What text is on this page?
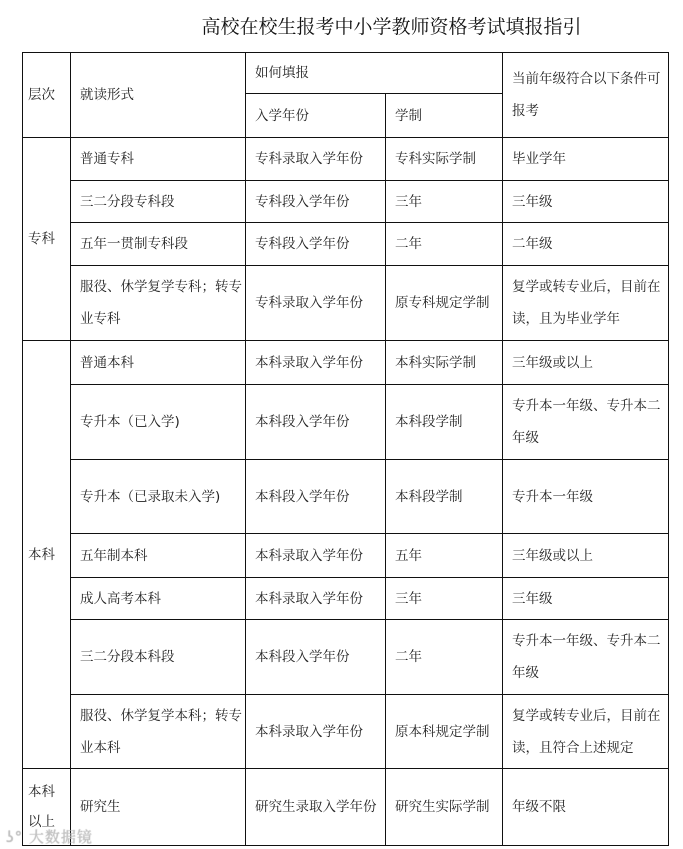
高校在校生报考中小学教师资格考试填报指引
层次	就读形式	如何填报		当前年级符合以下条件可报考
		入学年份	学制	
专科	普通专科	专科录取入学年份	专科实际学制	毕业学年
	三二分段专科段	专科段入学年份	三年	三年级
	五年一贯制专科段	专科段入学年份	二年	二年级
	服役、休学复学专科；转专业专科	专科录取入学年份	原专科规定学制	复学或转专业后，目前在读，且为毕业学年
本科	普通本科	本科录取入学年份	本科实际学制	三年级或以上
	专升本（已入学)	本科段入学年份	本科段学制	专升本一年级、专升本二年级
	专升本（已录取未入学)	本科段入学年份	本科段学制	专升本一年级
	五年制本科	本科录取入学年份	五年	三年级或以上
	成人高考本科	本科录取入学年份	三年	三年级
	三二分段本科段	本科段入学年份	二年	专升本一年级、专升本二年级
	服役、休学复学本科；转专业本科	本科录取入学年份	原本科规定学制	复学或转专业后，目前在读，且符合上述规定
本科以上	研究生	研究生录取入学年份	研究生实际学制	年级不限
ʖ° 大数据镜
